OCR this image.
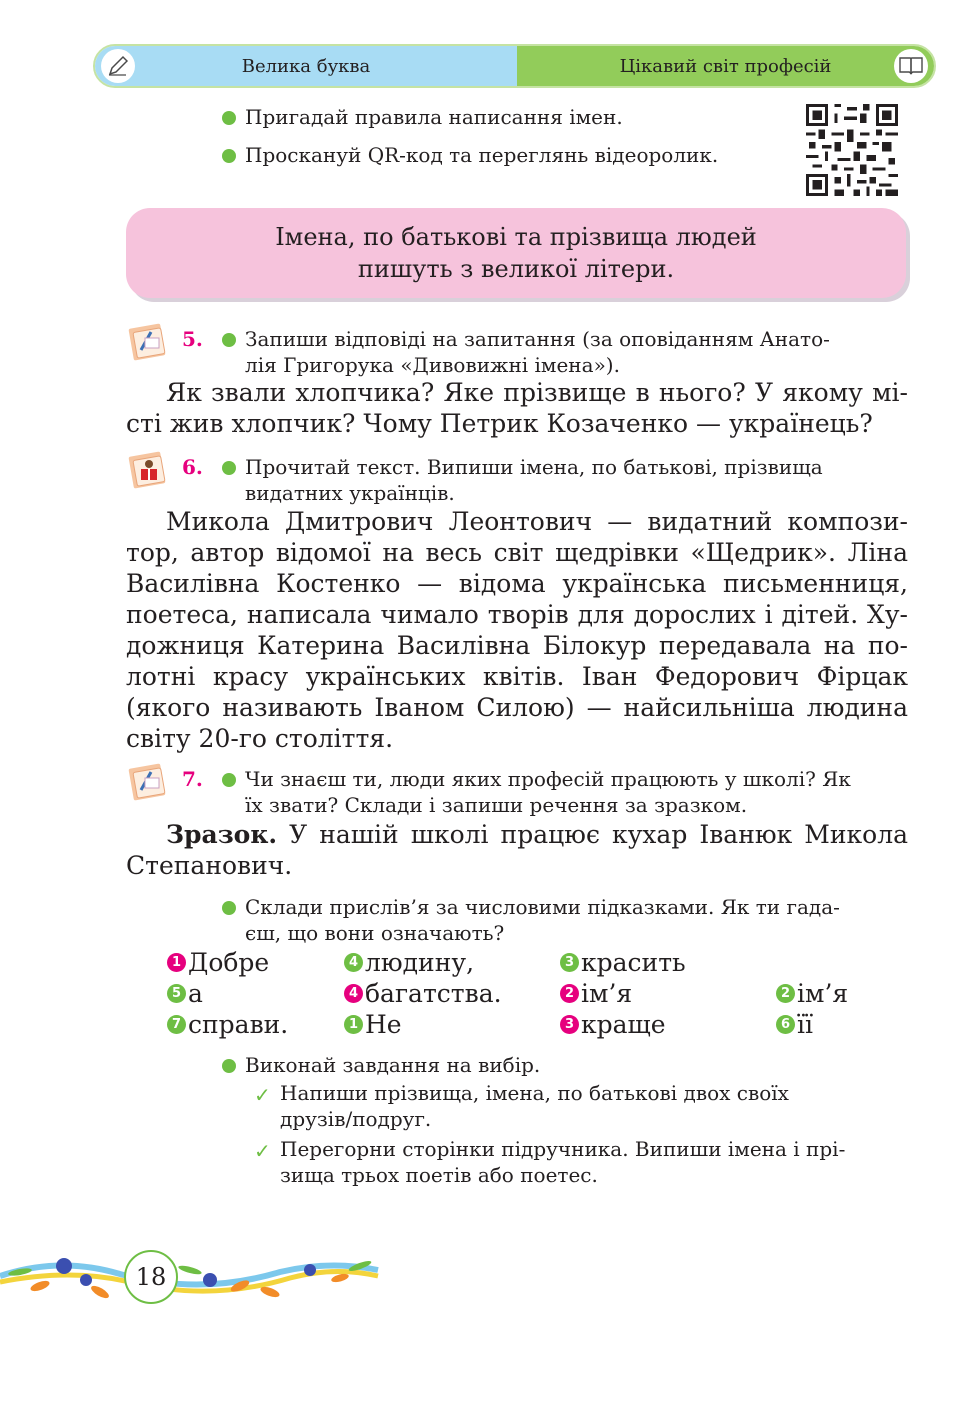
Велика буква	Цікавий світ професій
Пригадай правила написання імен.
Проскануй QR-код та переглянь відеоролик.
Імена, по батькові та прізвища людей
пишуть з великої літери.
5. Запиши відповіді на запитання (за оповіданням Анато-
лія Григорука «Дивовижні імена»).
Як звали хлопчика? Яке прізвище в нього? У якому мі- сті жив хлопчик? Чому Петрик Козаченко — українець?
6. Прочитай текст. Випиши імена, по батькові, прізвища
видатних українців.
Микола Дмитрович Леонтович — видатний компози- тор, автор відомої на весь світ щедрівки «Щедрик». Ліна Василівна Костенко — відома українська письменниця, поетеса, написала чимало творів для дорослих і дітей. Ху- дожниця Катерина Василівна Білокур передавала на по- лотні красу українських квітів. Іван Федорович Фірцак (якого називають Іваном Силою) — найсильніша людина світу 20-го століття.
7. Чи знаєш ти, люди яких професій працюють у школі? Як
їх звати? Склади і запиши речення за зразком.
Зразок. У нашій школі працює кухар Іванюк Микола Степанович.
Склади прислів’я за числовими підказками. Як ти гада-
єш, що вони означають?
1 Добре	4 людину,	3 красить
5 а	4 багатства.	2 ім’я	2 ім’я
7 справи.	1 Не	3 краще	6 її
Виконай завдання на вибір.
✓ Напиши прізвища, імена, по батькові двох своїх
друзів/подруг.
✓ Перегорни сторінки підручника. Випиши імена і прі-
зища трьох поетів або поетес.
18
